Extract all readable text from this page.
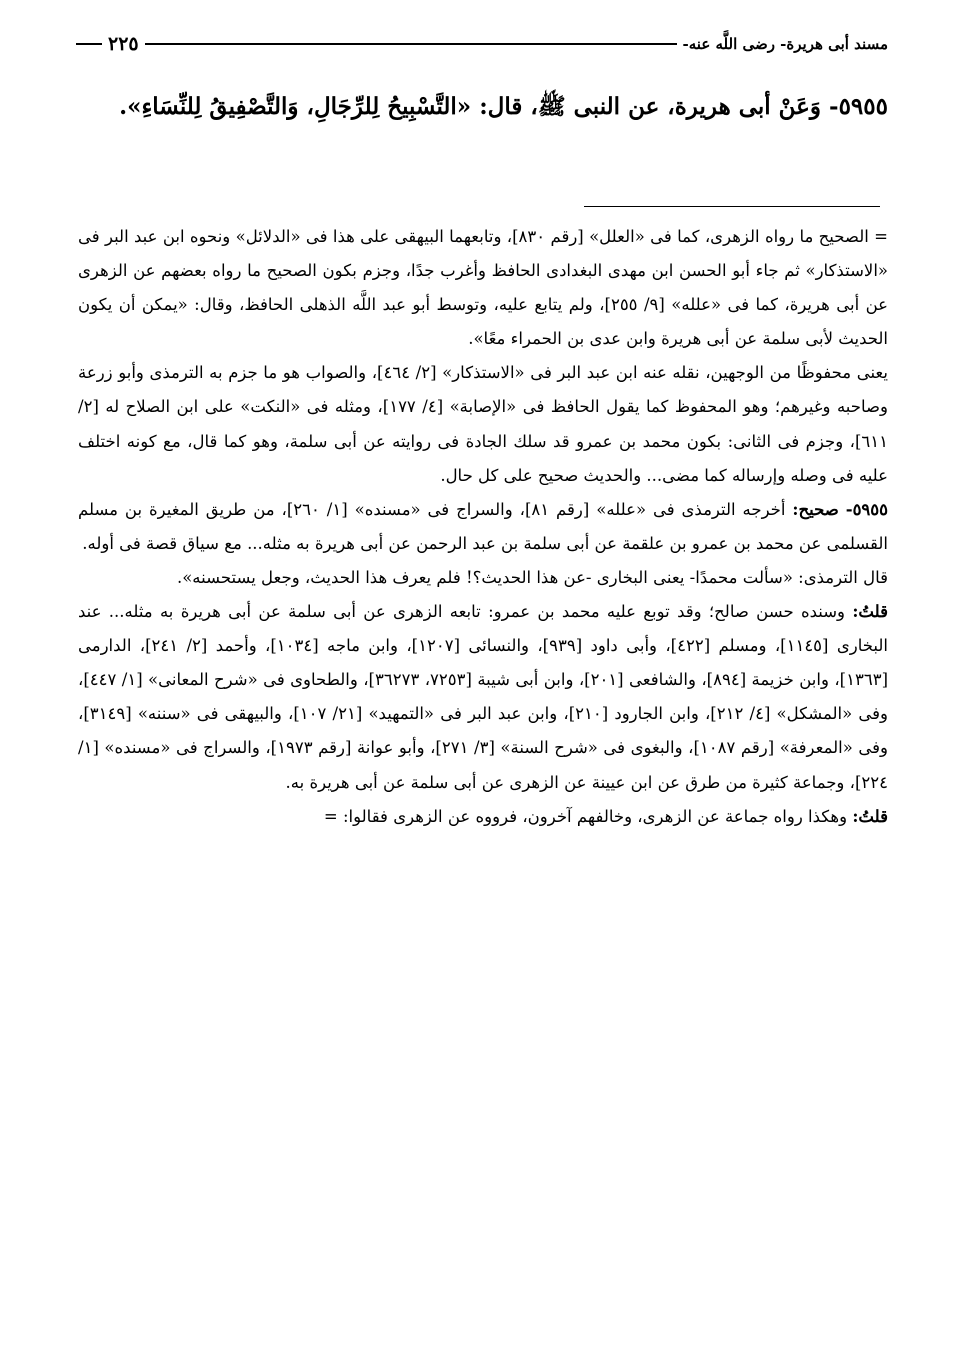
مسند أبى هريرة- رضى اللَّه عنه-
٢٢٥
٥٩٥٥- وَعَنْ أبى هريرة، عن النبى ﷺ، قال: «التَّسْبِيحُ لِلرِّجَالِ، وَالتَّصْفِيقُ لِلنِّسَاءِ».

= الصحيح ما رواه الزهرى، كما فى «العلل» [رقم ٨٣٠]، وتابعهما البيهقى على هذا فى «الدلائل» ونحوه ابن عبد البر فى «الاستذكار» ثم جاء أبو الحسن ابن مهدى البغدادى الحافظ وأغرب جدًا، وجزم بكون الصحيح ما رواه بعضهم عن الزهرى عن أبى هريرة، كما فى «علله» [٩/ ٢٥٥]، ولم يتابع عليه، وتوسط أبو عبد اللَّه الذهلى الحافظ، وقال: «يمكن أن يكون الحديث لأبى سلمة عن أبى هريرة وابن عدى بن الحمراء معًا».

يعنى محفوظًا من الوجهين، نقله عنه ابن عبد البر فى «الاستذكار» [٢/ ٤٦٤]، والصواب هو ما جزم به الترمذى وأبو زرعة وصاحبه وغيرهم؛ وهو المحفوظ كما يقول الحافظ فى «الإصابة» [٤/ ١٧٧]، ومثله فى «النكت» على ابن الصلاح له [٢/ ٦١١]، وجزم فى الثانى: بكون محمد بن عمرو قد سلك الجادة فى روايته عن أبى سلمة، وهو كما قال، مع كونه اختلف عليه فى وصله وإرساله كما مضى... والحديث صحيح على كل حال.

٥٩٥٥- صحيح: أخرجه الترمذى فى «علله» [رقم ٨١]، والسراج فى «مسنده» [١/ ٢٦٠]، من طريق المغيرة بن مسلم القسلمى عن محمد بن عمرو بن علقمة عن أبى سلمة بن عبد الرحمن عن أبى هريرة به مثله... مع سياق قصة فى أوله.

قال الترمذى: «سألت محمدًا- يعنى البخارى -عن هذا الحديث؟! فلم يعرف هذا الحديث، وجعل يستحسنه».

قلتُ: وسنده حسن صالح؛ وقد توبع عليه محمد بن عمرو: تابعه الزهرى عن أبى سلمة عن أبى هريرة به مثله... عند البخارى [١١٤٥]، ومسلم [٤٢٢]، وأبى داود [٩٣٩]، والنسائى [١٢٠٧]، وابن ماجه [١٠٣٤]، وأحمد [٢/ ٢٤١]، الدارمى [١٣٦٣]، وابن خزيمة [٨٩٤]، والشافعى [٢٠١]، وابن أبى شيبة [٧٢٥٣، ٣٦٢٧٣]، والطحاوى فى «شرح المعانى» [١/ ٤٤٧]، وفى «المشكل» [٤/ ٢١٢]، وابن الجارود [٢١٠]، وابن عبد البر فى «التمهيد» [٢١/ ١٠٧]، والبيهقى فى «سننه» [٣١٤٩]، وفى «المعرفة» [رقم ١٠٨٧]، والبغوى فى «شرح السنة» [٣/ ٢٧١]، وأبو عوانة [رقم ١٩٧٣]، والسراج فى «مسنده» [١/ ٢٢٤]، وجماعة كثيرة من طرق عن ابن عيينة عن الزهرى عن أبى سلمة عن أبى هريرة به.

قلتُ: وهكذا رواه جماعة عن الزهرى، وخالفهم آخرون، فرووه عن الزهرى فقالوا: =
